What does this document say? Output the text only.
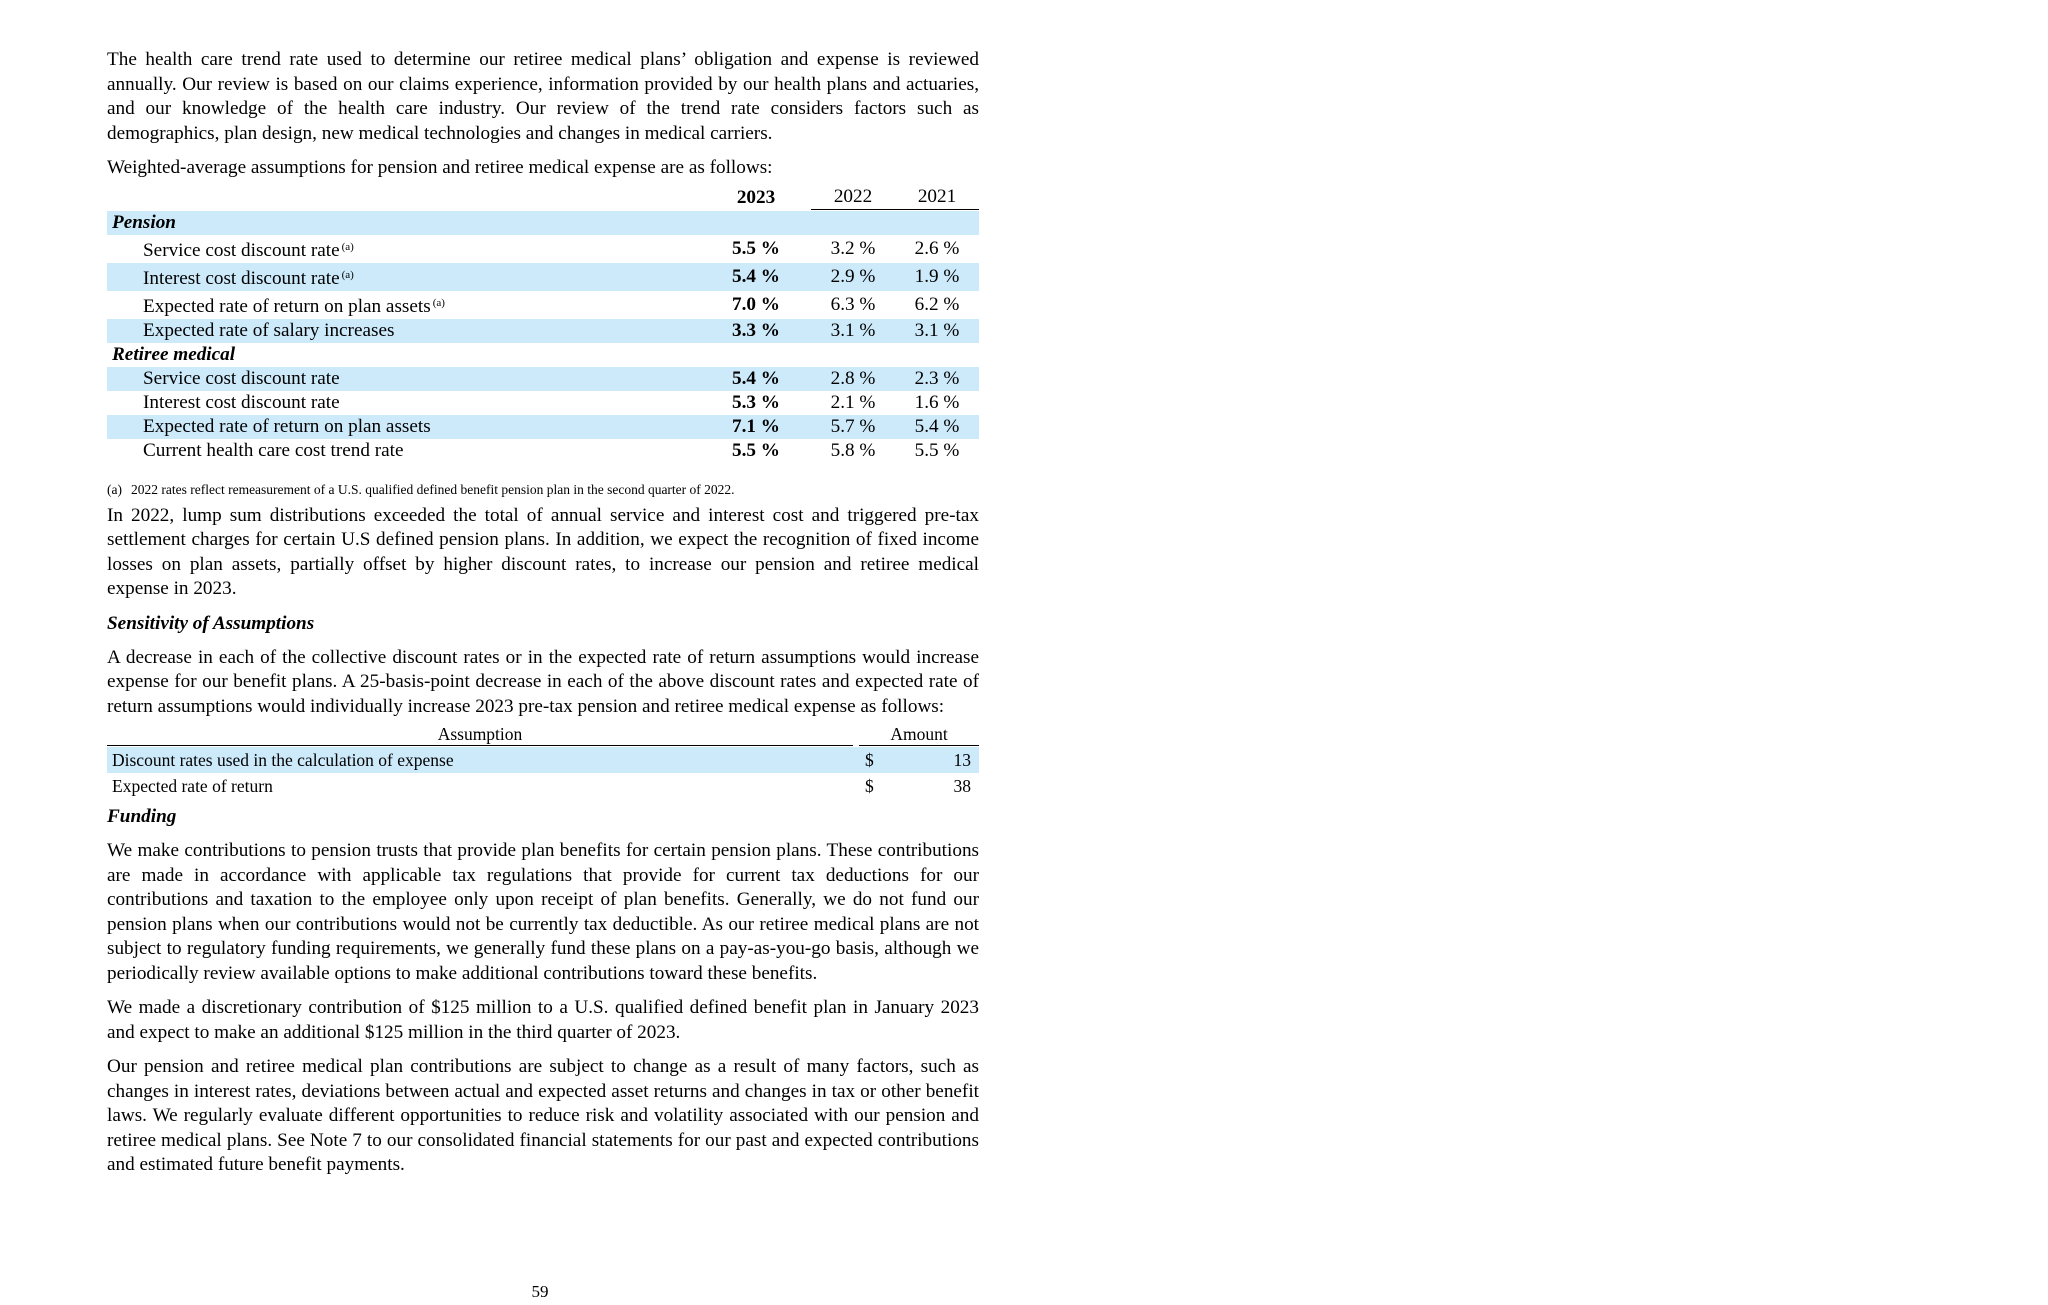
The health care trend rate used to determine our retiree medical plans’ obligation and expense is reviewed annually. Our review is based on our claims experience, information provided by our health plans and actuaries, and our knowledge of the health care industry. Our review of the trend rate considers factors such as demographics, plan design, new medical technologies and changes in medical carriers.

Weighted-average assumptions for pension and retiree medical expense are as follows:

	2023		2022	2021

Pension				
Service cost discount rate $^{(a)}$	5.5 %		3.2 %	2.6 %
Interest cost discount rate $^{(a)}$	5.4 %		2.9 %	1.9 %
Expected rate of return on plan assets $^{(a)}$	7.0 %		6.3 %	6.2 %
Expected rate of salary increases	3.3 %		3.1 %	3.1 %
Retiree medical				
Service cost discount rate	5.4 %		2.8 %	2.3 %
Interest cost discount rate	5.3 %		2.1 %	1.6 %
Expected rate of return on plan assets	7.1 %		5.7 %	5.4 %
Current health care cost trend rate	5.5 %		5.8 %	5.5 %

(a) 2022 rates reflect remeasurement of a U.S. qualified defined benefit pension plan in the second quarter of 2022.

In 2022, lump sum distributions exceeded the total of annual service and interest cost and triggered pre-tax settlement charges for certain U.S defined pension plans. In addition, we expect the recognition of fixed income losses on plan assets, partially offset by higher discount rates, to increase our pension and retiree medical expense in 2023.

Sensitivity of Assumptions

A decrease in each of the collective discount rates or in the expected rate of return assumptions would increase expense for our benefit plans. A 25-basis-point decrease in each of the above discount rates and expected rate of return assumptions would individually increase 2023 pre-tax pension and retiree medical expense as follows:

Assumption		Amount

Discount rates used in the calculation of expense		$ 13

Expected rate of return		$ 38
Funding

We make contributions to pension trusts that provide plan benefits for certain pension plans. These contributions are made in accordance with applicable tax regulations that provide for current tax deductions for our contributions and taxation to the employee only upon receipt of plan benefits. Generally, we do not fund our pension plans when our contributions would not be currently tax deductible. As our retiree medical plans are not subject to regulatory funding requirements, we generally fund these plans on a pay-as-you-go basis, although we periodically review available options to make additional contributions toward these benefits.

We made a discretionary contribution of $125 million to a U.S. qualified defined benefit plan in January 2023 and expect to make an additional $125 million in the third quarter of 2023.

Our pension and retiree medical plan contributions are subject to change as a result of many factors, such as changes in interest rates, deviations between actual and expected asset returns and changes in tax or other benefit laws. We regularly evaluate different opportunities to reduce risk and volatility associated with our pension and retiree medical plans. See Note 7 to our consolidated financial statements for our past and expected contributions and estimated future benefit payments.

59
